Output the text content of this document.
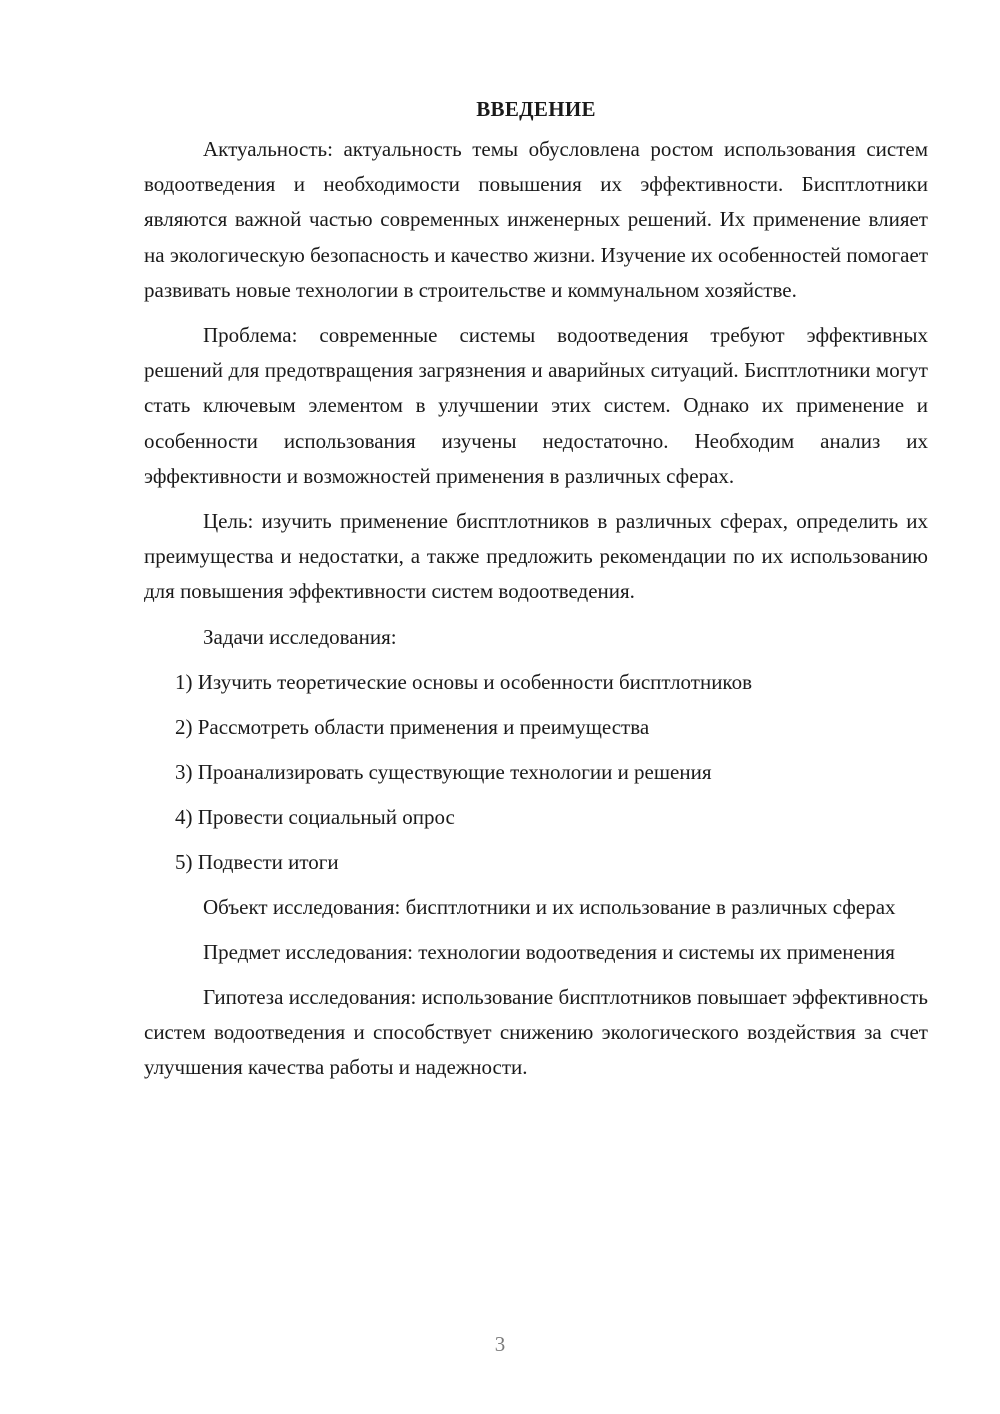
ВВЕДЕНИЕ

Актуальность: актуальность темы обусловлена ростом использования систем водоотведения и необходимости повышения их эффективности. Бисптлотники являются важной частью современных инженерных решений. Их применение влияет на экологическую безопасность и качество жизни. Изучение их особенностей помогает развивать новые технологии в строительстве и коммунальном хозяйстве.

Проблема: современные системы водоотведения требуют эффективных решений для предотвращения загрязнения и аварийных ситуаций. Бисптлотники могут стать ключевым элементом в улучшении этих систем. Однако их применение и особенности использования изучены недостаточно. Необходим анализ их эффективности и возможностей применения в различных сферах.

Цель: изучить применение бисптлотников в различных сферах, определить их преимущества и недостатки, а также предложить рекомендации по их использованию для повышения эффективности систем водоотведения.

Задачи исследования:

1) Изучить теоретические основы и особенности бисптлотников
2) Рассмотреть области применения и преимущества
3) Проанализировать существующие технологии и решения
4) Провести социальный опрос
5) Подвести итоги

Объект исследования: бисптлотники и их использование в различных сферах

Предмет исследования: технологии водоотведения и системы их применения

Гипотеза исследования: использование бисптлотников повышает эффективность систем водоотведения и способствует снижению экологического воздействия за счет улучшения качества работы и надежности.

3
